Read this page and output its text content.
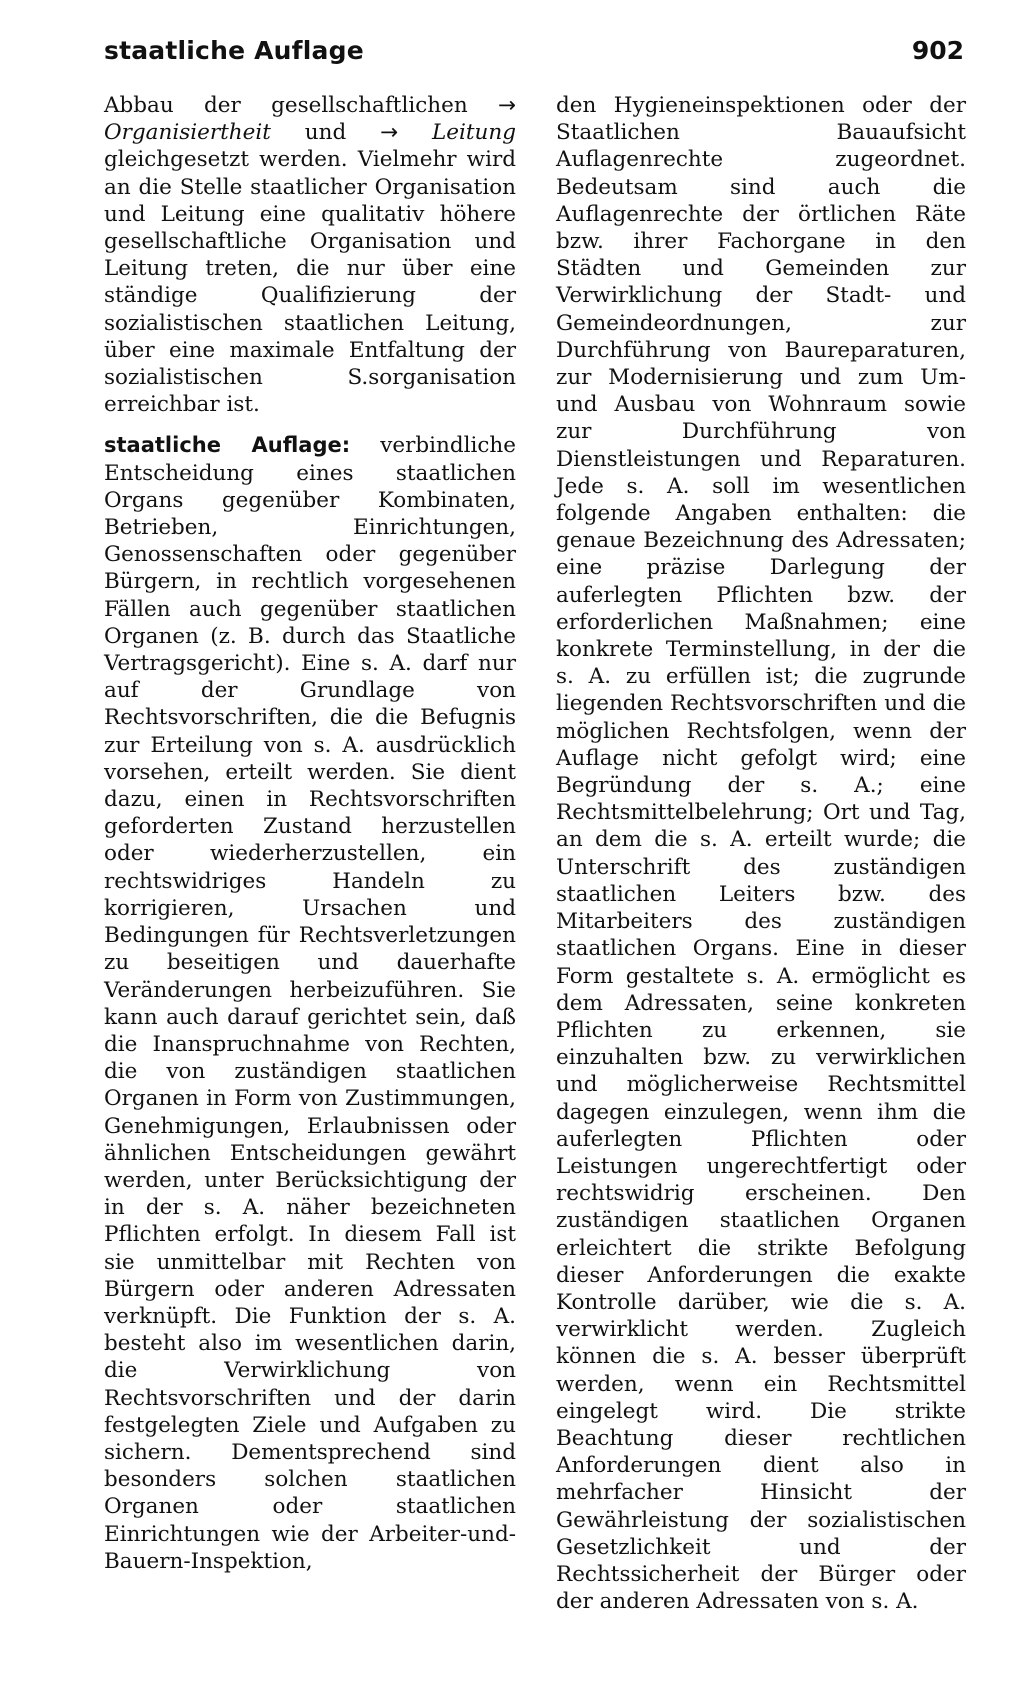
staatliche Auflage	902

Abbau der gesellschaftlichen → Organisiertheit und → Leitung gleichgesetzt werden. Vielmehr wird an die Stelle staatlicher Organisation und Leitung eine qualitativ höhere gesellschaftliche Organisation und Leitung treten, die nur über eine ständige Qualifizierung der sozialistischen staatlichen Leitung, über eine maximale Entfaltung der sozialistischen S.sorganisation erreichbar ist.

staatliche Auflage: verbindliche Entscheidung eines staatlichen Organs gegenüber Kombinaten, Betrieben, Einrichtungen, Genossenschaften oder gegenüber Bürgern, in rechtlich vorgesehenen Fällen auch gegenüber staatlichen Organen (z. B. durch das Staatliche Vertragsgericht). Eine s. A. darf nur auf der Grundlage von Rechtsvorschriften, die die Befugnis zur Erteilung von s. A. ausdrücklich vorsehen, erteilt werden. Sie dient dazu, einen in Rechtsvorschriften geforderten Zustand herzustellen oder wiederherzustellen, ein rechtswidriges Handeln zu korrigieren, Ursachen und Bedingungen für Rechtsverletzungen zu beseitigen und dauerhafte Veränderungen herbeizuführen. Sie kann auch darauf gerichtet sein, daß die Inanspruchnahme von Rechten, die von zuständigen staatlichen Organen in Form von Zustimmungen, Genehmigungen, Erlaubnissen oder ähnlichen Entscheidungen gewährt werden, unter Berücksichtigung der in der s. A. näher bezeichneten Pflichten erfolgt. In diesem Fall ist sie unmittelbar mit Rechten von Bürgern oder anderen Adressaten verknüpft. Die Funktion der s. A. besteht also im wesentlichen darin, die Verwirklichung von Rechtsvorschriften und der darin festgelegten Ziele und Aufgaben zu sichern. Dementsprechend sind besonders solchen staatlichen Organen oder staatlichen Einrichtungen wie der Arbeiter-und-Bauern-Inspektion,

den Hygieneinspektionen oder der Staatlichen Bauaufsicht Auflagenrechte zugeordnet. Bedeutsam sind auch die Auflagenrechte der örtlichen Räte bzw. ihrer Fachorgane in den Städten und Gemeinden zur Verwirklichung der Stadt- und Gemeindeordnungen, zur Durchführung von Baureparaturen, zur Modernisierung und zum Um- und Ausbau von Wohnraum sowie zur Durchführung von Dienstleistungen und Reparaturen. Jede s. A. soll im wesentlichen folgende Angaben enthalten: die genaue Bezeichnung des Adressaten; eine präzise Darlegung der auferlegten Pflichten bzw. der erforderlichen Maßnahmen; eine konkrete Terminstellung, in der die s. A. zu erfüllen ist; die zugrunde liegenden Rechtsvorschriften und die möglichen Rechtsfolgen, wenn der Auflage nicht gefolgt wird; eine Begründung der s. A.; eine Rechtsmittelbelehrung; Ort und Tag, an dem die s. A. erteilt wurde; die Unterschrift des zuständigen staatlichen Leiters bzw. des Mitarbeiters des zuständigen staatlichen Organs. Eine in dieser Form gestaltete s. A. ermöglicht es dem Adressaten, seine konkreten Pflichten zu erkennen, sie einzuhalten bzw. zu verwirklichen und möglicherweise Rechtsmittel dagegen einzulegen, wenn ihm die auferlegten Pflichten oder Leistungen ungerechtfertigt oder rechtswidrig erscheinen. Den zuständigen staatlichen Organen erleichtert die strikte Befolgung dieser Anforderungen die exakte Kontrolle darüber, wie die s. A. verwirklicht werden. Zugleich können die s. A. besser überprüft werden, wenn ein Rechtsmittel eingelegt wird. Die strikte Beachtung dieser rechtlichen Anforderungen dient also in mehrfacher Hinsicht der Gewährleistung der sozialistischen Gesetzlichkeit und der Rechtssicherheit der Bürger oder der anderen Adressaten von s. A.
